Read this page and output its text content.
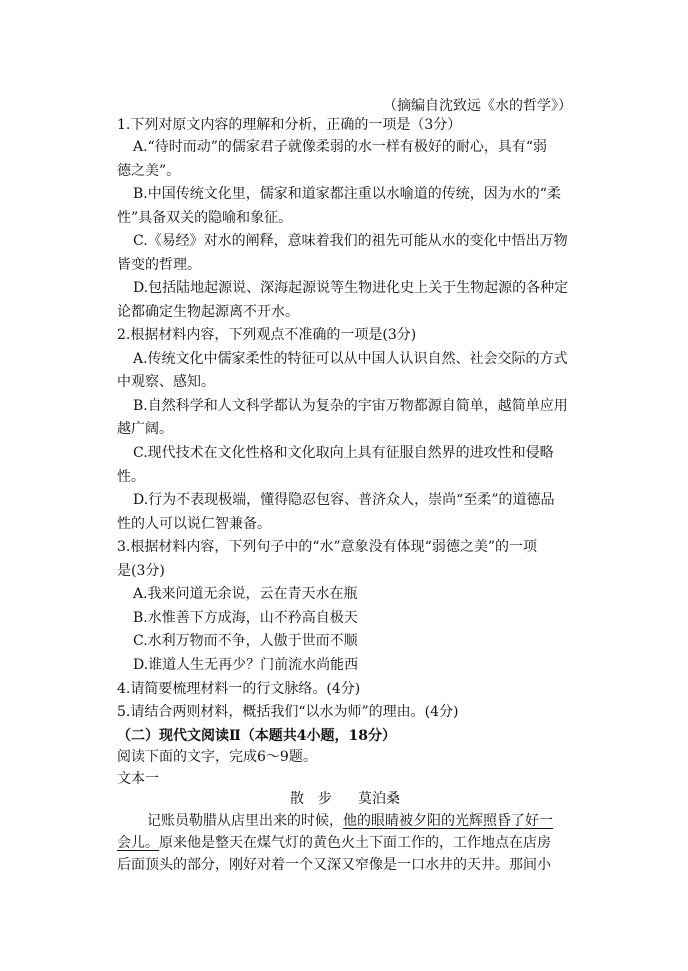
（摘编自沈致远《水的哲学》）
1.下列对原文内容的理解和分析，正确的一项是（3分）
A.“待时而动”的儒家君子就像柔弱的水一样有极好的耐心，具有“弱
德之美”。
B.中国传统文化里，儒家和道家都注重以水喻道的传统，因为水的“柔
性”具备双关的隐喻和象征。
C.《易经》对水的阐释，意味着我们的祖先可能从水的变化中悟出万物
皆变的哲理。
D.包括陆地起源说、深海起源说等生物进化史上关于生物起源的各种定
论都确定生物起源离不开水。
2.根据材料内容，下列观点不准确的一项是(3分)
A.传统文化中儒家柔性的特征可以从中国人认识自然、社会交际的方式
中观察、感知。
B.自然科学和人文科学都认为复杂的宇宙万物都源自简单，越简单应用
越广阔。
C.现代技术在文化性格和文化取向上具有征服自然界的进攻性和侵略
性。
D.行为不表现极端，懂得隐忍包容、普济众人，崇尚“至柔”的道德品
性的人可以说仁智兼备。
3.根据材料内容，下列句子中的“水”意象没有体现“弱德之美”的一项
是(3分)
A.我来问道无余说，云在青天水在瓶
B.水惟善下方成海，山不矜高自极天
C.水利万物而不争，人傲于世而不顺
D.谁道人生无再少？门前流水尚能西
4.请简要梳理材料一的行文脉络。(4分)
5.请结合两则材料，概括我们“以水为师”的理由。(4分)
（二）现代文阅读Ⅱ（本题共4小题，18分）
阅读下面的文字，完成6～9题。
文本一
散　步 莫泊桑
记账员勒腊从店里出来的时候，他的眼睛被夕阳的光辉照昏了好一
会儿。原来他是整天在煤气灯的黄色火土下面工作的，工作地点在店房
后面顶头的部分，刚好对着一个又深又窄像是一口水井的天井。那间小
